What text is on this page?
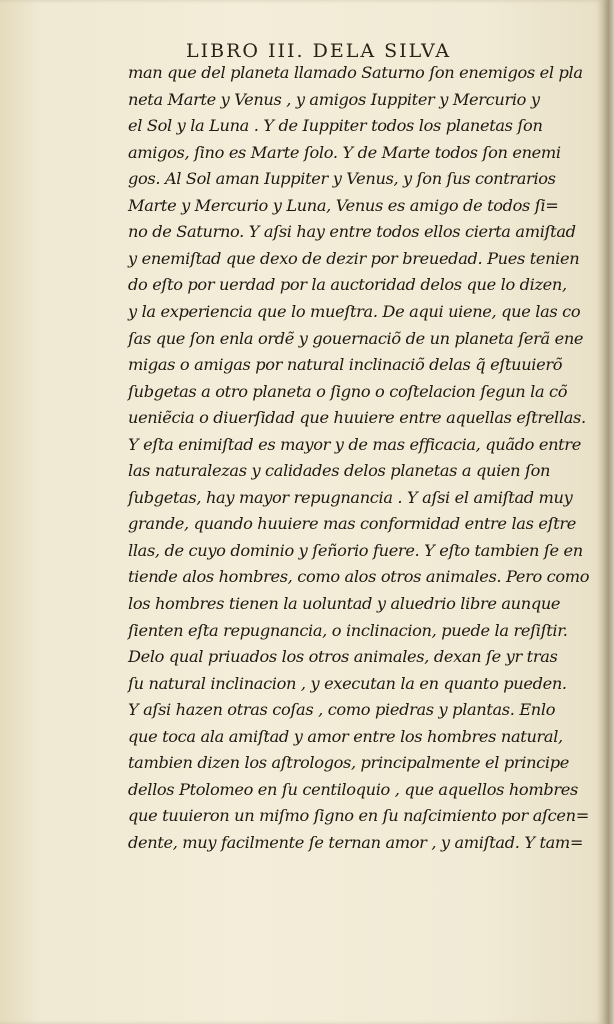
LIBRO III. DELA SILVA
man que del planeta llamado Saturno ſon enemigos el pla
neta Marte y Venus , y amigos Iuppiter y Mercurio y
el Sol y la Luna . Y de Iuppiter todos los planetas ſon
amigos, ſino es Marte ſolo. Y de Marte todos ſon enemi
gos. Al Sol aman Iuppiter y Venus, y ſon ſus contrarios
Marte y Mercurio y Luna, Venus es amigo de todos ſi=
no de Saturno. Y aſsi hay entre todos ellos cierta amiſtad
y enemiſtad que dexo de dezir por breuedad. Pues tenien
do eſto por uerdad por la auctoridad delos que lo dizen,
y la experiencia que lo mueſtra. De aqui uiene, que las co
ſas que ſon enla ordẽ y gouernaciõ de un planeta ſerã ene
migas o amigas por natural inclinaciõ delas q̃ eſtuuierõ
ſubgetas a otro planeta o ſigno o coſtelacion ſegun la cõ
ueniẽcia o diuerſidad que huuiere entre aquellas eſtrellas.
Y eſta enimiſtad es mayor y de mas efficacia, quãdo entre
las naturalezas y calidades delos planetas a quien ſon
ſubgetas, hay mayor repugnancia . Y aſsi el amiſtad muy
grande, quando huuiere mas conformidad entre las eſtre
llas, de cuyo dominio y ſeñorio fuere. Y eſto tambien ſe en
tiende alos hombres, como alos otros animales. Pero como
los hombres tienen la uoluntad y aluedrio libre aunque
ſienten eſta repugnancia, o inclinacion, puede la reſiſtir.
Delo qual priuados los otros animales, dexan ſe yr tras
ſu natural inclinacion , y executan la en quanto pueden.
Y aſsi hazen otras coſas , como piedras y plantas. Enlo
que toca ala amiſtad y amor entre los hombres natural,
tambien dizen los aſtrologos, principalmente el principe
dellos Ptolomeo en ſu centiloquio , que aquellos hombres
que tuuieron un miſmo ſigno en ſu naſcimiento por aſcen=
dente, muy facilmente ſe ternan amor , y amiſtad. Y tam=
